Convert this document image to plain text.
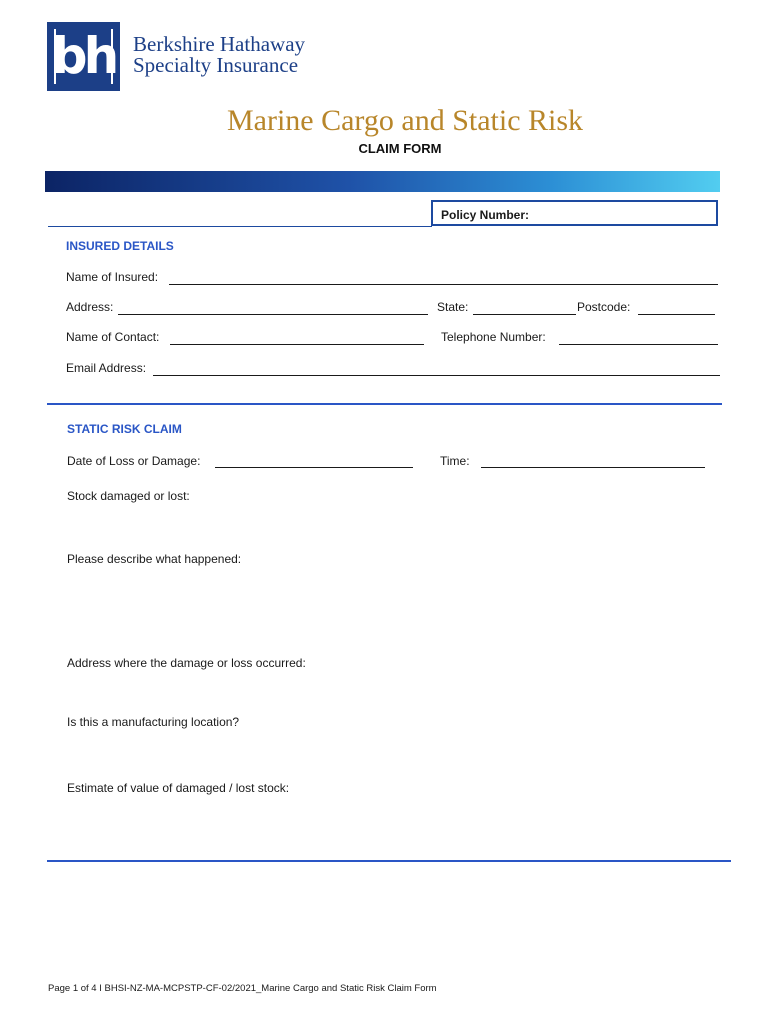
bh Berkshire Hathaway
Specialty Insurance
Marine Cargo and Static Risk
CLAIM FORM
Policy Number:
INSURED DETAILS
Name of Insured:
Address:	State:	Postcode:
Name of Contact:	Telephone Number:
Email Address:
STATIC RISK CLAIM
Date of Loss or Damage:	Time:
Stock damaged or lost:
Please describe what happened:
Address where the damage or loss occurred:
Is this a manufacturing location?
Estimate of value of damaged / lost stock:
Page 1 of 4 I BHSI-NZ-MA-MCPSTP-CF-02/2021_Marine Cargo and Static Risk Claim Form
